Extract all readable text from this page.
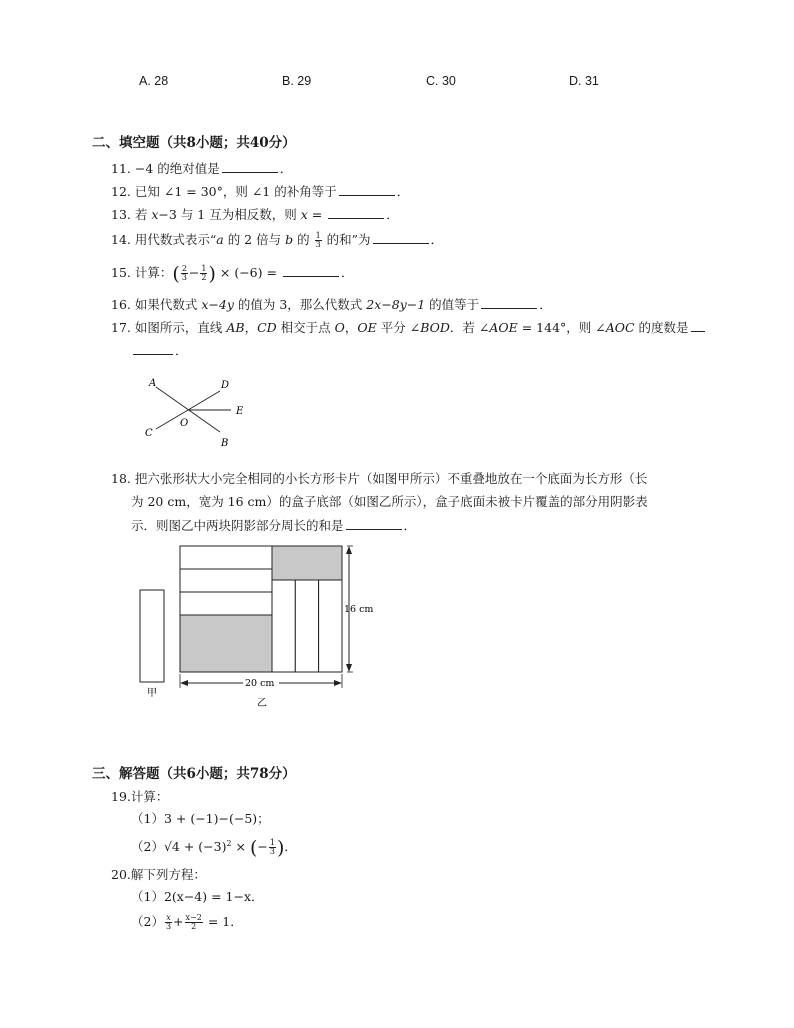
A. 28	B. 29	C. 30	D. 31
二、填空题（共8小题；共40分）
11. −4 的绝对值是	．
12. 已知 ∠1 = 30°，则 ∠1 的补角等于	．
13. 若 x−3 与 1 互为相反数，则 x =	．
14. 用代数式表示“a 的 2 倍与 b 的 $\frac{1}{3}$ 的和”为	．
15. 计算：( $\frac{2}{3} - \frac{1}{2}$ ) × (−6) =	．
16. 如果代数式 x−4y 的值为 3，那么代数式 2x−8y−1 的值等于	．
17. 如图所示，直线 AB，CD 相交于点 O，OE 平分 ∠BOD．若 ∠AOE = 144°，则 ∠AOC 的度数是
．
A	D
E
O
C
B
18. 把六张形状大小完全相同的小长方形卡片（如图甲所示）不重叠地放在一个底面为长方形（长
为 20 cm，宽为 16 cm）的盒子底部（如图乙所示），盒子底面未被卡片覆盖的部分用阴影表
示．则图乙中两块阴影部分周长的和是	．
甲
16 cm
20 cm
乙
三、解答题（共6小题；共78分）
19.计算：
（1）3 + (−1)−(−5)；
$(2)√4 + (-3)^2$ × (− $\frac{1}{3}$ )．
20.解下列方程：
（1）2(x−4) = 1−x．
$(2) \frac{x}{3} + \frac{x-2}{2} = 1$．
